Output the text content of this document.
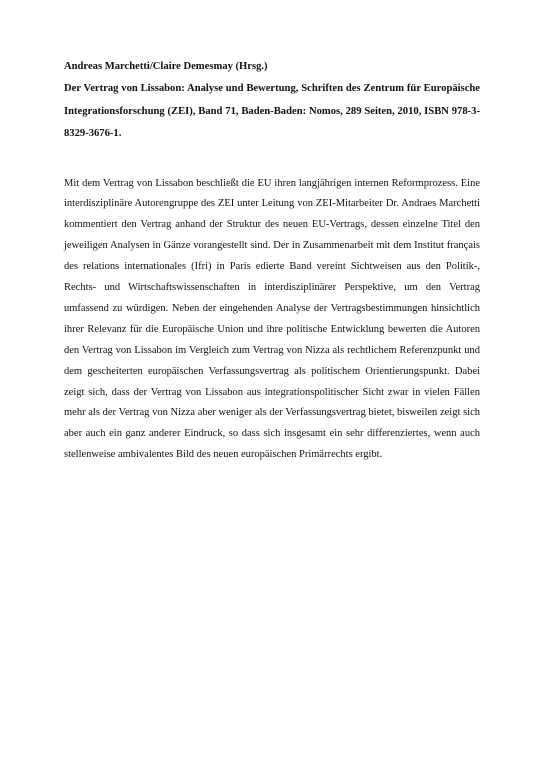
Andreas Marchetti/Claire Demesmay (Hrsg.)

Der Vertrag von Lissabon: Analyse und Bewertung, Schriften des Zentrum für Europäische Integrationsforschung (ZEI), Band 71, Baden-Baden: Nomos, 289 Seiten, 2010, ISBN 978-3-8329-3676-1.

Mit dem Vertrag von Lissabon beschließt die EU ihren langjährigen internen Reformprozess. Eine interdisziplinäre Autorengruppe des ZEI unter Leitung von ZEI-Mitarbeiter Dr. Andraes Marchetti kommentiert den Vertrag anhand der Struktur des neuen EU-Vertrags, dessen einzelne Titel den jeweiligen Analysen in Gänze vorangestellt sind. Der in Zusammenarbeit mit dem Institut français des relations internationales (Ifri) in Paris edierte Band vereint Sichtweisen aus den Politik-, Rechts- und Wirtschaftswissenschaften in interdisziplinärer Perspektive, um den Vertrag umfassend zu würdigen. Neben der eingehenden Analyse der Vertragsbestimmungen hinsichtlich ihrer Relevanz für die Europäische Union und ihre politische Entwicklung bewerten die Autoren den Vertrag von Lissabon im Vergleich zum Vertrag von Nizza als rechtlichem Referenzpunkt und dem gescheiterten europäischen Verfassungsvertrag als politischem Orientierungspunkt. Dabei zeigt sich, dass der Vertrag von Lissabon aus integrationspolitischer Sicht zwar in vielen Fällen mehr als der Vertrag von Nizza aber weniger als der Verfassungsvertrag bietet, bisweilen zeigt sich aber auch ein ganz anderer Eindruck, so dass sich insgesamt ein sehr differenziertes, wenn auch stellenweise ambivalentes Bild des neuen europäischen Primärrechts ergibt.
